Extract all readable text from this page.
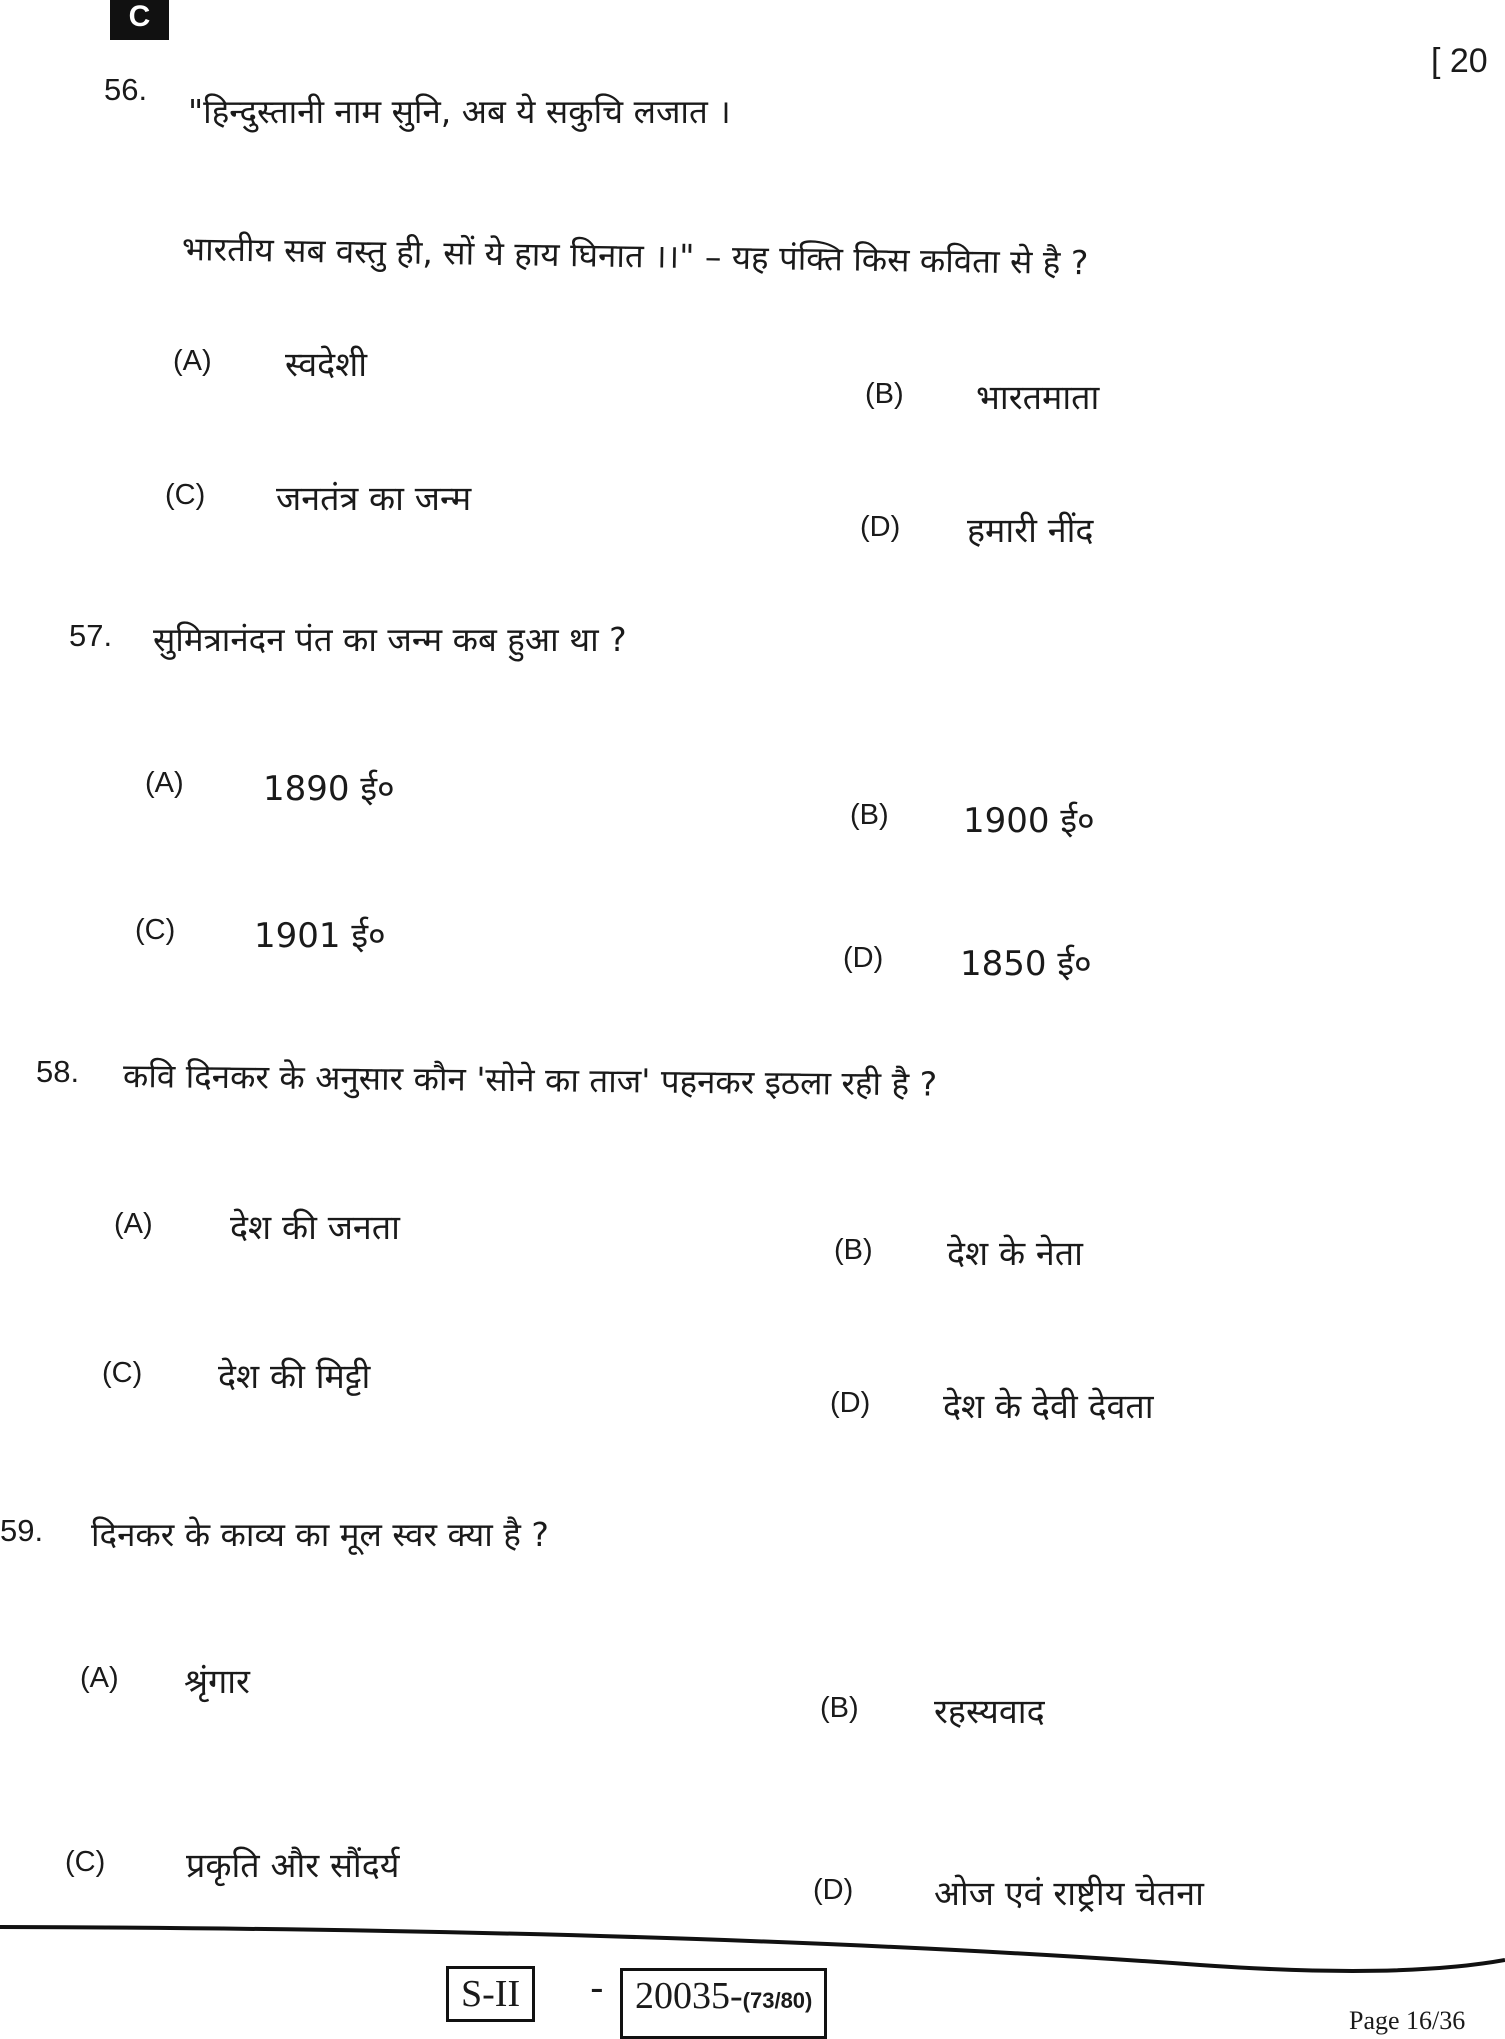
C
[ 20
56.
"हिन्दुस्तानी नाम सुनि, अब ये सकुचि लजात ।
भारतीय सब वस्तु ही, सों ये हाय घिनात ।।" – यह पंक्ति किस कविता से है ?
(A) स्वदेशी
(B) भारतमाता
(C) जनतंत्र का जन्म
(D) हमारी नींद
57. सुमित्रानंदन पंत का जन्म कब हुआ था ?
(A) 1890 ई०
(B) 1900 ई०
(C) 1901 ई०
(D) 1850 ई०
58. कवि दिनकर के अनुसार कौन 'सोने का ताज' पहनकर इठला रही है ?
(A) देश की जनता
(B) देश के नेता
(C) देश की मिट्टी
(D) देश के देवी देवता
59. दिनकर के काव्य का मूल स्वर क्या है ?
(A) श्रृंगार
(B) रहस्यवाद
(C) प्रकृति और सौंदर्य
(D) ओज एवं राष्ट्रीय चेतना
S-II	- 20035-(73/80)
Page 16/36
